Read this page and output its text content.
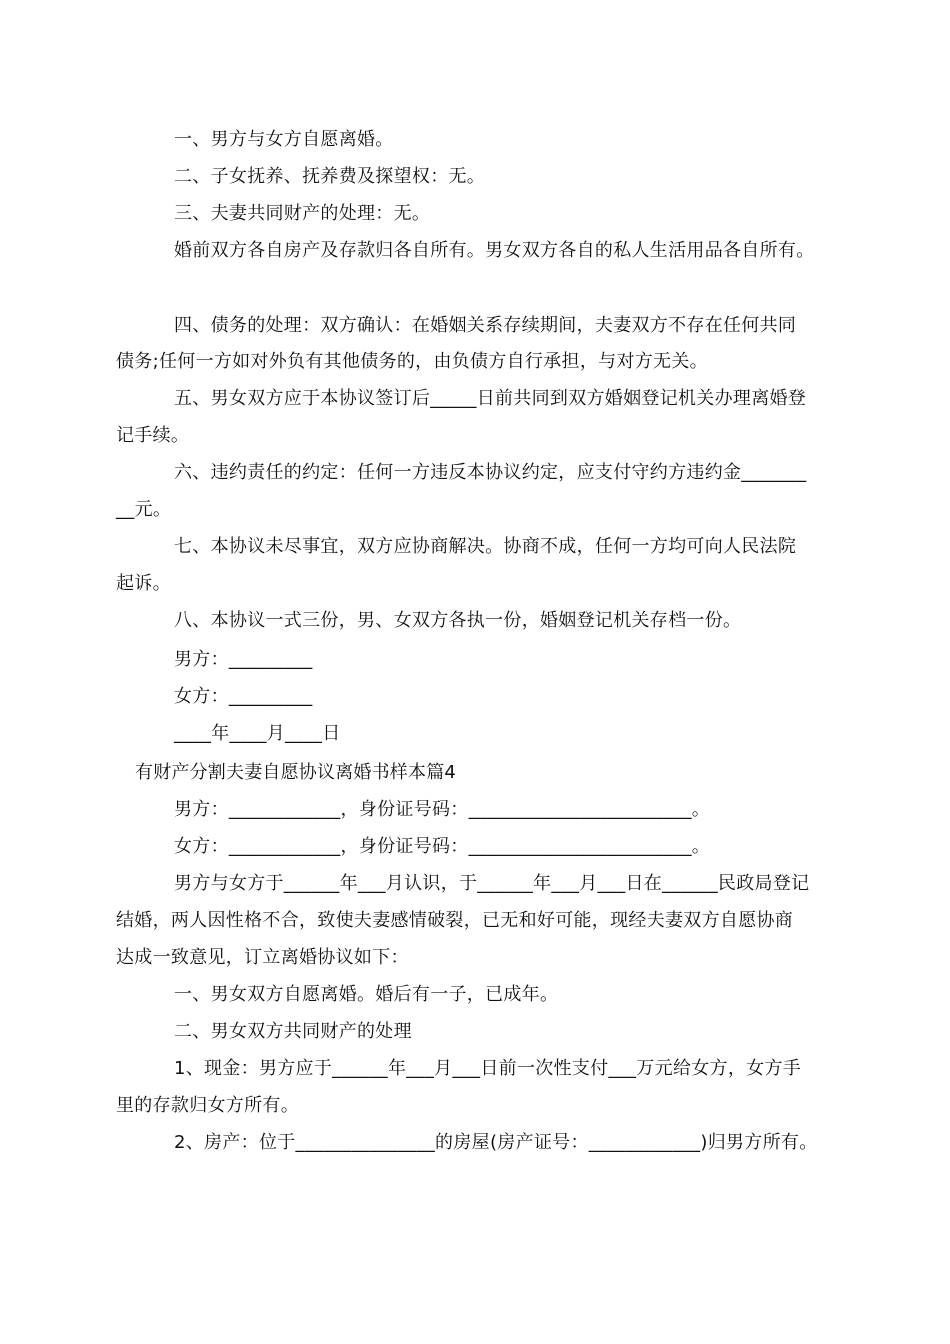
一、男方与女方自愿离婚。
二、子女抚养、抚养费及探望权：无。
三、夫妻共同财产的处理：无。
婚前双方各自房产及存款归各自所有。男女双方各自的私人生活用品各自所有。
四、债务的处理：双方确认：在婚姻关系存续期间，夫妻双方不存在任何共同
债务;任何一方如对外负有其他债务的，由负债方自行承担，与对方无关。
五、男女双方应于本协议签订后_____日前共同到双方婚姻登记机关办理离婚登
记手续。
六、违约责任的约定：任何一方违反本协议约定，应支付守约方违约金_______
__元。
七、本协议未尽事宜，双方应协商解决。协商不成，任何一方均可向人民法院
起诉。
八、本协议一式三份，男、女双方各执一份，婚姻登记机关存档一份。
男方：_________
女方：_________
____年____月____日
有财产分割夫妻自愿协议离婚书样本篇4
男方：____________，身份证号码：________________________。
女方：____________，身份证号码：________________________。
男方与女方于______年___月认识，于______年___月___日在______民政局登记
结婚，两人因性格不合，致使夫妻感情破裂，已无和好可能，现经夫妻双方自愿协商
达成一致意见，订立离婚协议如下：
一、男女双方自愿离婚。婚后有一子，已成年。
二、男女双方共同财产的处理
1、现金：男方应于______年___月___日前一次性支付___万元给女方，女方手
里的存款归女方所有。
2、房产：位于_______________的房屋(房产证号：____________)归男方所有。
